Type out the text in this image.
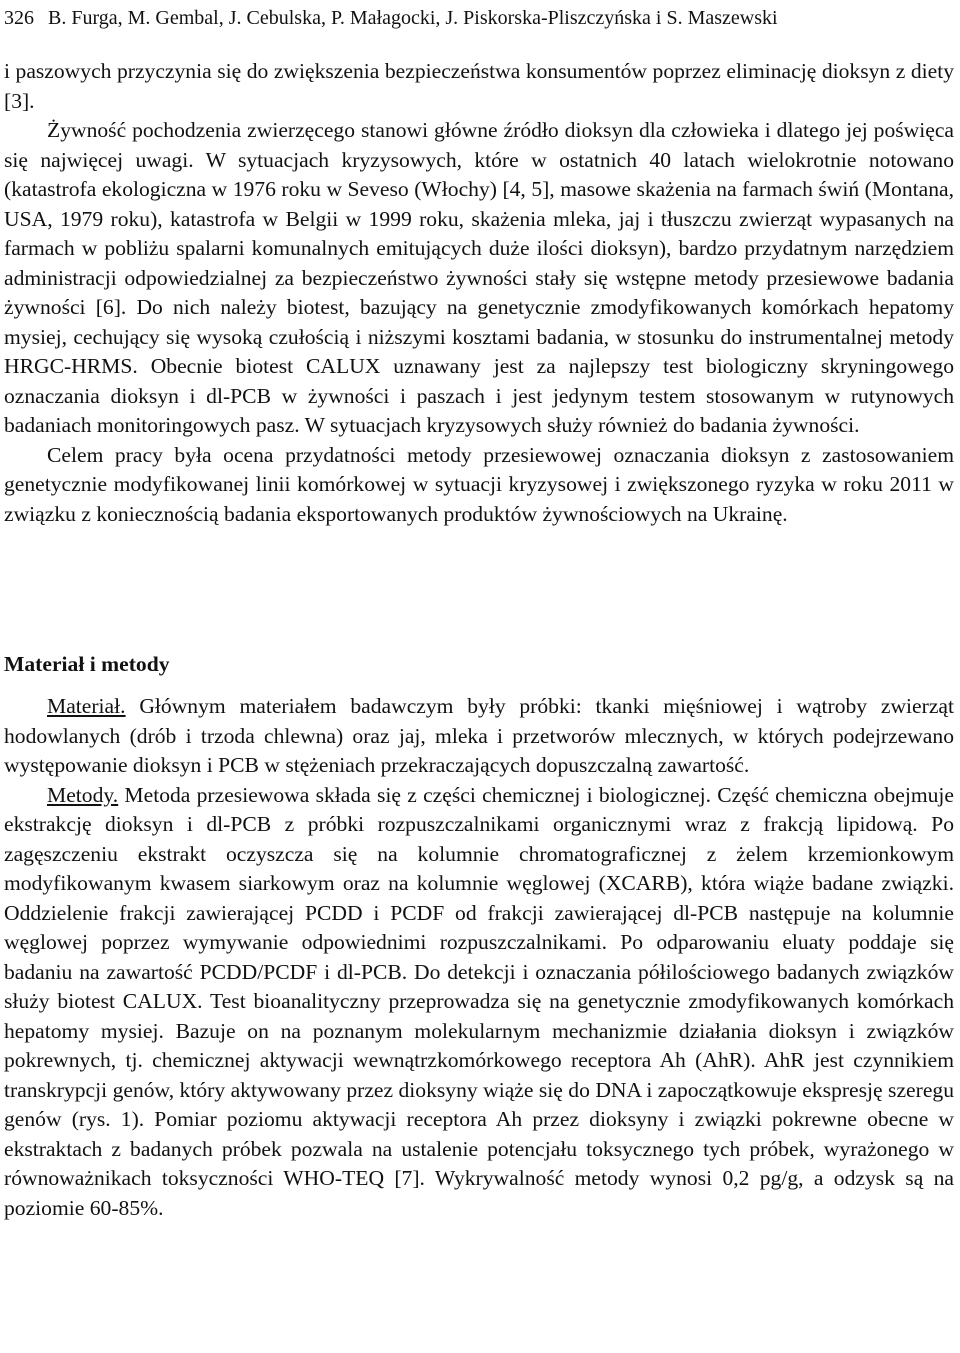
326 B. Furga, M. Gembal, J. Cebulska, P. Małagocki, J. Piskorska-Pliszczyńska i S. Maszewski

i paszowych przyczynia się do zwiększenia bezpieczeństwa konsumentów poprzez eliminację dioksyn z diety [3].

Żywność pochodzenia zwierzęcego stanowi główne źródło dioksyn dla człowieka i dlatego jej poświęca się najwięcej uwagi. W sytuacjach kryzysowych, które w ostatnich 40 latach wielokrotnie notowano (katastrofa ekologiczna w 1976 roku w Seveso (Włochy) [4, 5], masowe skażenia na farmach świń (Montana, USA, 1979 roku), katastrofa w Belgii w 1999 roku, skażenia mleka, jaj i tłuszczu zwierząt wypasanych na farmach w pobliżu spalarni komunalnych emitujących duże ilości dioksyn), bardzo przydatnym narzędziem administracji odpowiedzialnej za bezpieczeństwo żywności stały się wstępne metody przesiewowe badania żywności [6]. Do nich należy biotest, bazujący na genetycznie zmodyfikowanych komórkach hepatomy mysiej, cechujący się wysoką czułością i niższymi kosztami badania, w stosunku do instrumentalnej metody HRGC-HRMS. Obecnie biotest CALUX uznawany jest za najlepszy test biologiczny skryningowego oznaczania dioksyn i dl-PCB w żywności i paszach i jest jedynym testem stosowanym w rutynowych badaniach monitoringowych pasz. W sytuacjach kryzysowych służy również do badania żywności.

Celem pracy była ocena przydatności metody przesiewowej oznaczania dioksyn z zastosowaniem genetycznie modyfikowanej linii komórkowej w sytuacji kryzysowej i zwiększonego ryzyka w roku 2011 w związku z koniecznością badania eksportowanych produktów żywnościowych na Ukrainę.

Materiał i metody

Materiał. Głównym materiałem badawczym były próbki: tkanki mięśniowej i wątroby zwierząt hodowlanych (drób i trzoda chlewna) oraz jaj, mleka i przetworów mlecznych, w których podejrzewano występowanie dioksyn i PCB w stężeniach przekraczających dopuszczalną zawartość.

Metody. Metoda przesiewowa składa się z części chemicznej i biologicznej. Część chemiczna obejmuje ekstrakcję dioksyn i dl-PCB z próbki rozpuszczalnikami organicznymi wraz z frakcją lipidową. Po zagęszczeniu ekstrakt oczyszcza się na kolumnie chromatograficznej z żelem krzemionkowym modyfikowanym kwasem siarkowym oraz na kolumnie węglowej (XCARB), która wiąże badane związki. Oddzielenie frakcji zawierającej PCDD i PCDF od frakcji zawierającej dl-PCB następuje na kolumnie węglowej poprzez wymywanie odpowiednimi rozpuszczalnikami. Po odparowaniu eluaty poddaje się badaniu na zawartość PCDD/PCDF i dl-PCB. Do detekcji i oznaczania półilościowego badanych związków służy biotest CALUX. Test bioanalityczny przeprowadza się na genetycznie zmodyfikowanych komórkach hepatomy mysiej. Bazuje on na poznanym molekularnym mechanizmie działania dioksyn i związków pokrewnych, tj. chemicznej aktywacji wewnątrzkomórkowego receptora Ah (AhR). AhR jest czynnikiem transkrypcji genów, który aktywowany przez dioksyny wiąże się do DNA i zapoczątkowuje ekspresję szeregu genów (rys. 1). Pomiar poziomu aktywacji receptora Ah przez dioksyny i związki pokrewne obecne w ekstraktach z badanych próbek pozwala na ustalenie potencjału toksycznego tych próbek, wyrażonego w równoważnikach toksyczności WHO-TEQ [7]. Wykrywalność metody wynosi 0,2 pg/g, a odzysk są na poziomie 60-85%.
